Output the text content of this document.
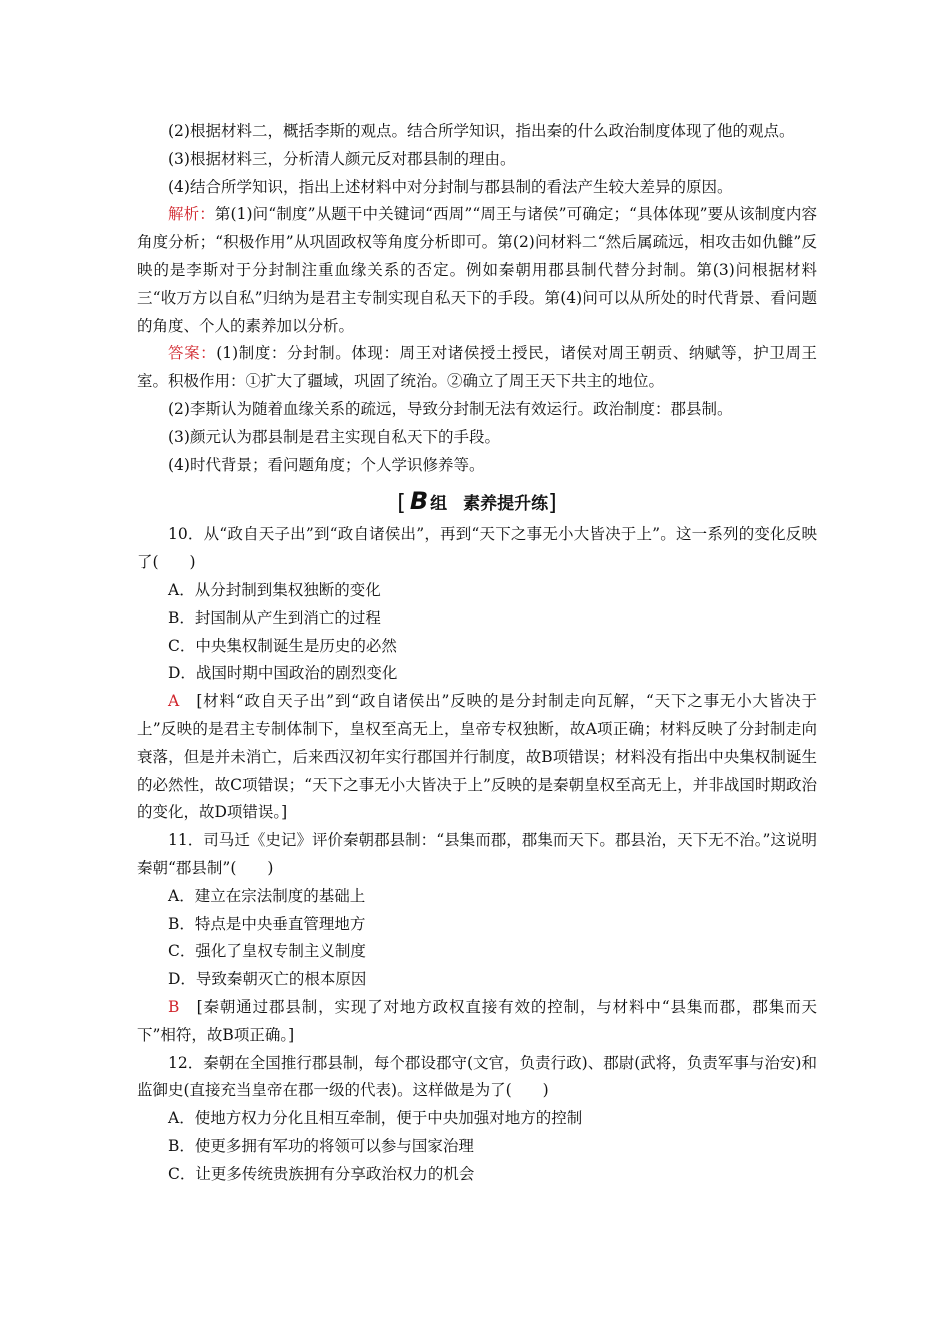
(2)根据材料二，概括李斯的观点。结合所学知识，指出秦的什么政治制度体现了他的观点。

(3)根据材料三，分析清人颜元反对郡县制的理由。

(4)结合所学知识，指出上述材料中对分封制与郡县制的看法产生较大差异的原因。

解析：第(1)问“制度”从题干中关键词“西周”“周王与诸侯”可确定；“具体体现”要从该制度内容角度分析；“积极作用”从巩固政权等角度分析即可。第(2)问材料二“然后属疏远，相攻击如仇雠”反映的是李斯对于分封制注重血缘关系的否定。例如秦朝用郡县制代替分封制。第(3)问根据材料三“收万方以自私”归纳为是君主专制实现自私天下的手段。第(4)问可以从所处的时代背景、看问题的角度、个人的素养加以分析。

答案：(1)制度：分封制。体现：周王对诸侯授土授民，诸侯对周王朝贡、纳赋等，护卫周王室。积极作用：①扩大了疆域，巩固了统治。②确立了周王天下共主的地位。

(2)李斯认为随着血缘关系的疏远，导致分封制无法有效运行。政治制度：郡县制。

(3)颜元认为郡县制是君主实现自私天下的手段。

(4)时代背景；看问题角度；个人学识修养等。

[ B 组 素养提升练]

10．从“政自天子出”到“政自诸侯出”，再到“天下之事无小大皆决于上”。这一系列的变化反映了(　　)

A．从分封制到集权独断的变化

B．封国制从产生到消亡的过程

C．中央集权制诞生是历史的必然

D．战国时期中国政治的剧烈变化

A　 [材料“政自天子出”到“政自诸侯出”反映的是分封制走向瓦解，“天下之事无小大皆决于上”反映的是君主专制体制下，皇权至高无上，皇帝专权独断，故A项正确；材料反映了分封制走向衰落，但是并未消亡，后来西汉初年实行郡国并行制度，故B项错误；材料没有指出中央集权制诞生的必然性，故C项错误；“天下之事无小大皆决于上”反映的是秦朝皇权至高无上，并非战国时期政治的变化，故D项错误。]

11．司马迁《史记》评价秦朝郡县制：“县集而郡，郡集而天下。郡县治，天下无不治。”这说明秦朝“郡县制”(　　)

A．建立在宗法制度的基础上

B．特点是中央垂直管理地方

C．强化了皇权专制主义制度

D．导致秦朝灭亡的根本原因

B　 [秦朝通过郡县制，实现了对地方政权直接有效的控制，与材料中“县集而郡，郡集而天下”相符，故B项正确。]

12．秦朝在全国推行郡县制，每个郡设郡守(文官，负责行政)、郡尉(武将，负责军事与治安)和监御史(直接充当皇帝在郡一级的代表)。这样做是为了(　　)

A．使地方权力分化且相互牵制，便于中央加强对地方的控制

B．使更多拥有军功的将领可以参与国家治理

C．让更多传统贵族拥有分享政治权力的机会
